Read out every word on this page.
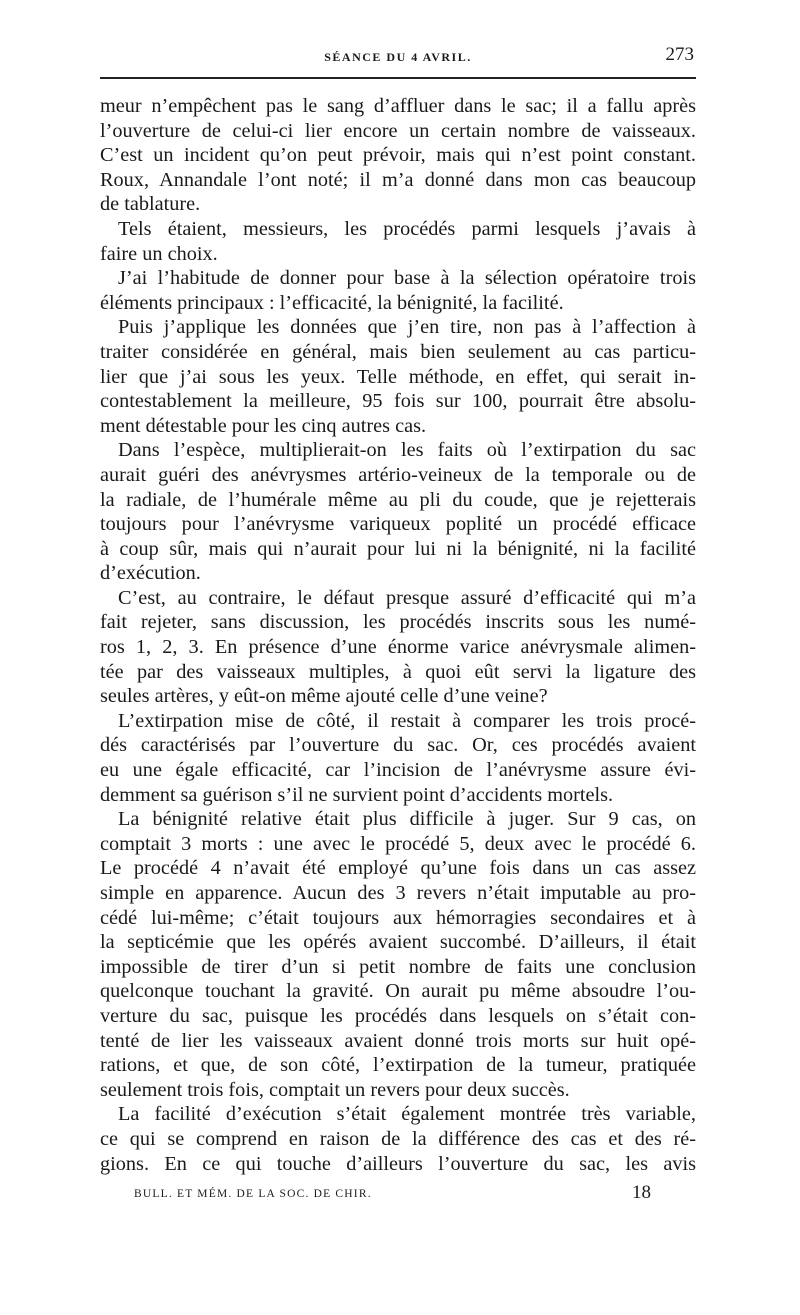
SÉANCE DU 4 AVRIL.	273
meur n’empêchent pas le sang d’affluer dans le sac; il a fallu après
l’ouverture de celui-ci lier encore un certain nombre de vaisseaux.
C’est un incident qu’on peut prévoir, mais qui n’est point constant.
Roux, Annandale l’ont noté; il m’a donné dans mon cas beaucoup
de tablature.
Tels étaient, messieurs, les procédés parmi lesquels j’avais à
faire un choix.
J’ai l’habitude de donner pour base à la sélection opératoire trois
éléments principaux : l’efficacité, la bénignité, la facilité.
Puis j’applique les données que j’en tire, non pas à l’affection à
traiter considérée en général, mais bien seulement au cas particu-
lier que j’ai sous les yeux. Telle méthode, en effet, qui serait in-
contestablement la meilleure, 95 fois sur 100, pourrait être absolu-
ment détestable pour les cinq autres cas.
Dans l’espèce, multiplierait-on les faits où l’extirpation du sac
aurait guéri des anévrysmes artério-veineux de la temporale ou de
la radiale, de l’humérale même au pli du coude, que je rejetterais
toujours pour l’anévrysme variqueux poplité un procédé efficace
à coup sûr, mais qui n’aurait pour lui ni la bénignité, ni la facilité
d’exécution.
C’est, au contraire, le défaut presque assuré d’efficacité qui m’a
fait rejeter, sans discussion, les procédés inscrits sous les numé-
ros 1, 2, 3. En présence d’une énorme varice anévrysmale alimen-
tée par des vaisseaux multiples, à quoi eût servi la ligature des
seules artères, y eût-on même ajouté celle d’une veine?
L’extirpation mise de côté, il restait à comparer les trois procé-
dés caractérisés par l’ouverture du sac. Or, ces procédés avaient
eu une égale efficacité, car l’incision de l’anévrysme assure évi-
demment sa guérison s’il ne survient point d’accidents mortels.
La bénignité relative était plus difficile à juger. Sur 9 cas, on
comptait 3 morts : une avec le procédé 5, deux avec le procédé 6.
Le procédé 4 n’avait été employé qu’une fois dans un cas assez
simple en apparence. Aucun des 3 revers n’était imputable au pro-
cédé lui-même; c’était toujours aux hémorragies secondaires et à
la septicémie que les opérés avaient succombé. D’ailleurs, il était
impossible de tirer d’un si petit nombre de faits une conclusion
quelconque touchant la gravité. On aurait pu même absoudre l’ou-
verture du sac, puisque les procédés dans lesquels on s’était con-
tenté de lier les vaisseaux avaient donné trois morts sur huit opé-
rations, et que, de son côté, l’extirpation de la tumeur, pratiquée
seulement trois fois, comptait un revers pour deux succès.
La facilité d’exécution s’était également montrée très variable,
ce qui se comprend en raison de la différence des cas et des ré-
gions. En ce qui touche d’ailleurs l’ouverture du sac, les avis
BULL. ET MÉM. DE LA SOC. DE CHIR.	18
